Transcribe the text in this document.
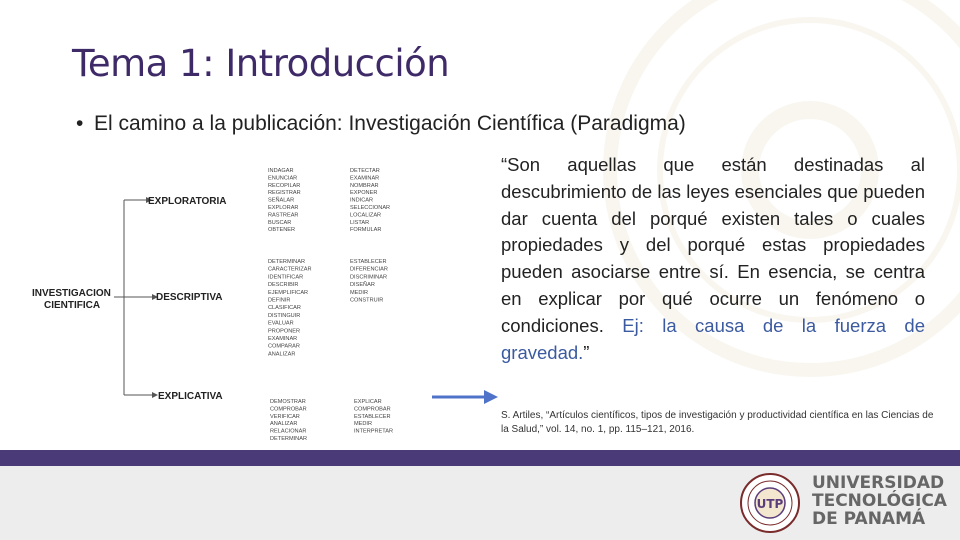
Tema 1: Introducción
• El camino a la publicación: Investigación Científica (Paradigma)
INVESTIGACION
CIENTIFICA
EXPLORATORIA
DESCRIPTIVA
EXPLICATIVA
INDAGAR
ENUNCIAR
RECOPILAR
REGISTRAR
SEÑALAR
EXPLORAR
RASTREAR
BUSCAR
OBTENER
DETECTAR
EXAMINAR
NOMBRAR
EXPONER
INDICAR
SELECCIONAR
LOCALIZAR
LISTAR
FORMULAR
DETERMINAR
CARACTERIZAR
IDENTIFICAR
DESCRIBIR
EJEMPLIFICAR
DEFINIR
CLASIFICAR
DISTINGUIR
EVALUAR
PROPONER
EXAMINAR
COMPARAR
ANALIZAR
ESTABLECER
DIFERENCIAR
DISCRIMINAR
DISEÑAR
MEDIR
CONSTRUIR
DEMOSTRAR
COMPROBAR
VERIFICAR
ANALIZAR
RELACIONAR
DETERMINAR
EXPLICAR
COMPROBAR
ESTABLECER
MEDIR
INTERPRETAR
“Son aquellas que están destinadas al descubrimiento de las leyes esenciales que pueden dar cuenta del porqué existen tales o cuales propiedades y del porqué estas propiedades pueden asociarse entre sí. En esencia, se centra en explicar por qué ocurre un fenómeno o condiciones. Ej: la causa de la fuerza de gravedad.”
S. Artiles, “Artículos científicos, tipos de investigación y productividad científica en las Ciencias de la Salud,” vol. 14, no. 1, pp. 115–121, 2016.
UTP
UNIVERSIDAD
TECNOLÓGICA
DE PANAMÁ
